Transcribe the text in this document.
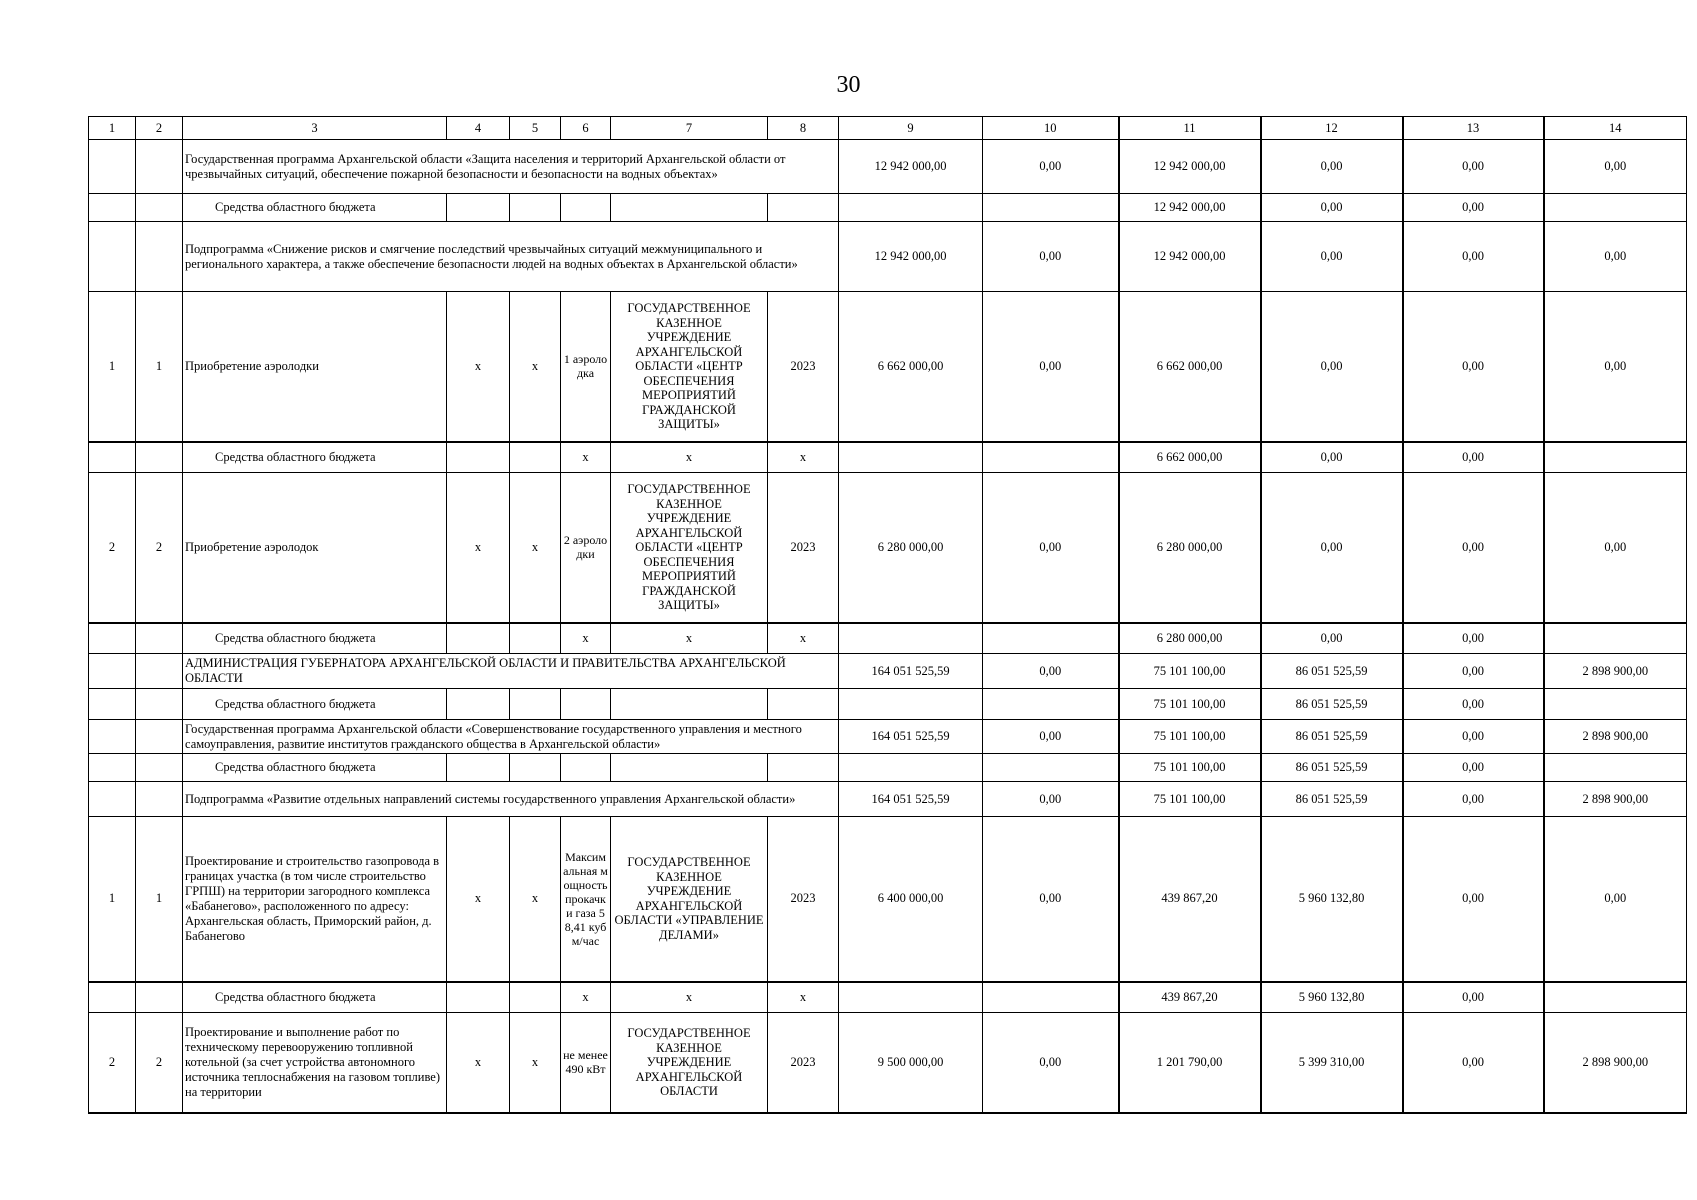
30
1	2	3	4	5	6	7	8	9	10	11	12	13	14
		Государственная программа Архангельской области «Защита населения и территорий Архангельской области от чрезвычайных ситуаций, обеспечение пожарной безопасности и безопасности на водных объектах»						12 942 000,00	0,00	12 942 000,00	0,00	0,00	0,00
		Средства областного бюджета								12 942 000,00	0,00	0,00	
		Подпрограмма «Снижение рисков и смягчение последствий чрезвычайных ситуаций межмуниципального и регионального характера, а также обеспечение безопасности людей на водных объектах в Архангельской области»						12 942 000,00	0,00	12 942 000,00	0,00	0,00	0,00
1	1	Приобретение аэролодки	х	х	1 аэролодка	ГОСУДАРСТВЕННОЕ КАЗЕННОЕ УЧРЕЖДЕНИЕ АРХАНГЕЛЬСКОЙ ОБЛАСТИ «ЦЕНТР ОБЕСПЕЧЕНИЯ МЕРОПРИЯТИЙ ГРАЖДАНСКОЙ ЗАЩИТЫ»	2023	6 662 000,00	0,00	6 662 000,00	0,00	0,00	0,00
		Средства областного бюджета			х	х	х			6 662 000,00	0,00	0,00	
2	2	Приобретение аэролодок	х	х	2 аэролодки	ГОСУДАРСТВЕННОЕ КАЗЕННОЕ УЧРЕЖДЕНИЕ АРХАНГЕЛЬСКОЙ ОБЛАСТИ «ЦЕНТР ОБЕСПЕЧЕНИЯ МЕРОПРИЯТИЙ ГРАЖДАНСКОЙ ЗАЩИТЫ»	2023	6 280 000,00	0,00	6 280 000,00	0,00	0,00	0,00
		Средства областного бюджета			х	х	х			6 280 000,00	0,00	0,00	
		АДМИНИСТРАЦИЯ ГУБЕРНАТОРА АРХАНГЕЛЬСКОЙ ОБЛАСТИ И ПРАВИТЕЛЬСТВА АРХАНГЕЛЬСКОЙ ОБЛАСТИ						164 051 525,59	0,00	75 101 100,00	86 051 525,59	0,00	2 898 900,00
		Средства областного бюджета								75 101 100,00	86 051 525,59	0,00	
		Государственная программа Архангельской области «Совершенствование государственного управления и местного самоуправления, развитие институтов гражданского общества в Архангельской области»						164 051 525,59	0,00	75 101 100,00	86 051 525,59	0,00	2 898 900,00
		Средства областного бюджета								75 101 100,00	86 051 525,59	0,00	
		Подпрограмма «Развитие отдельных направлений системы государственного управления Архангельской области»						164 051 525,59	0,00	75 101 100,00	86 051 525,59	0,00	2 898 900,00
1	1	Проектирование и строительство газопровода в границах участка (в том числе строительство ГРПШ) на территории загородного комплекса «Бабанегово», расположенного по адресу: Архангельская область, Приморский район, д. Бабанегово	х	х	Максимальная мощность прокачки газа 58,41 куб м/час	ГОСУДАРСТВЕННОЕ КАЗЕННОЕ УЧРЕЖДЕНИЕ АРХАНГЕЛЬСКОЙ ОБЛАСТИ «УПРАВЛЕНИЕ ДЕЛАМИ»	2023	6 400 000,00	0,00	439 867,20	5 960 132,80	0,00	0,00
		Средства областного бюджета			х	х	х			439 867,20	5 960 132,80	0,00	
2	2	Проектирование и выполнение работ по техническому перевооружению топливной котельной (за счет устройства автономного источника теплоснабжения на газовом топливе) на территории	х	х	не менее 490 кВт	ГОСУДАРСТВЕННОЕ КАЗЕННОЕ УЧРЕЖДЕНИЕ АРХАНГЕЛЬСКОЙ ОБЛАСТИ	2023	9 500 000,00	0,00	1 201 790,00	5 399 310,00	0,00	2 898 900,00
